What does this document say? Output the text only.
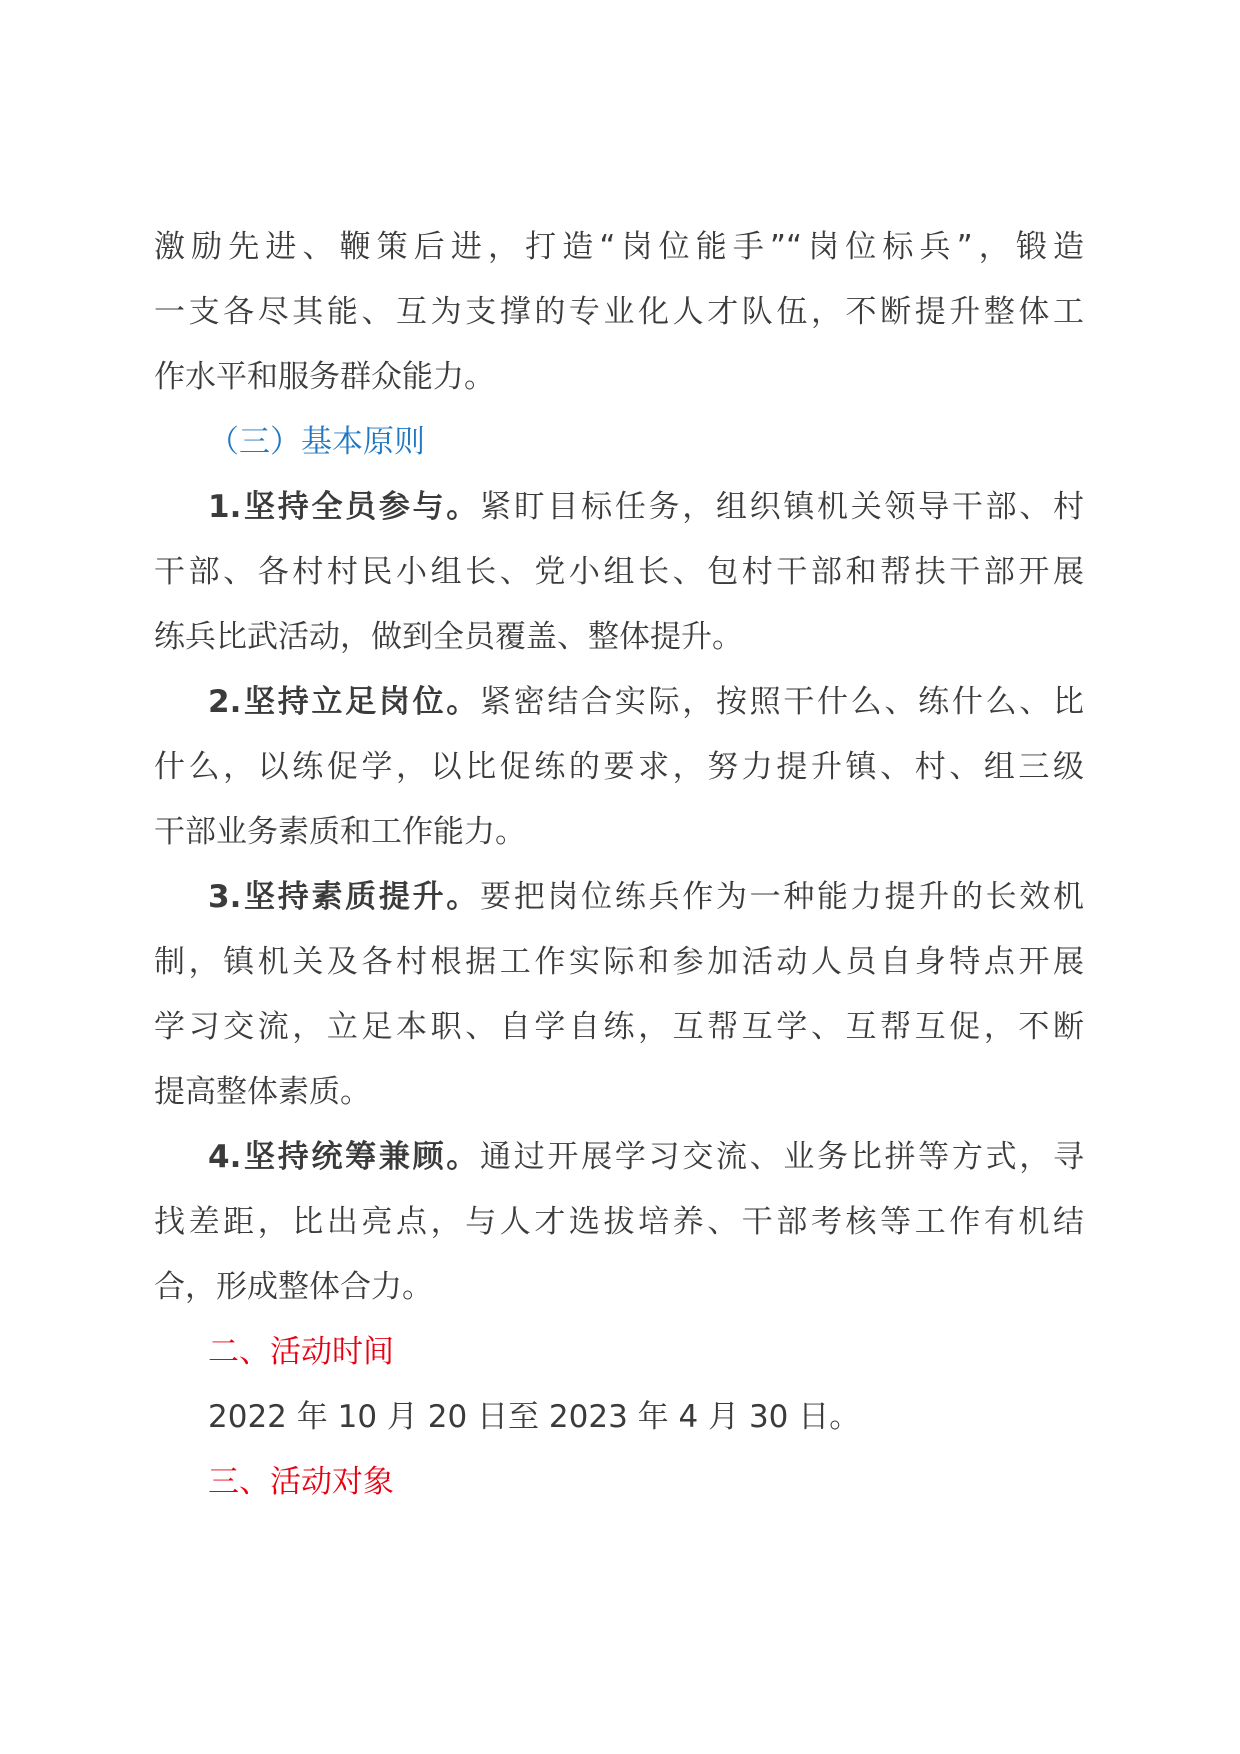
激励先进、鞭策后进，打造“岗位能手”“岗位标兵”，锻造
一支各尽其能、互为支撑的专业化人才队伍，不断提升整体工
作水平和服务群众能力。
（三）基本原则
1.坚持全员参与。紧盯目标任务，组织镇机关领导干部、村
干部、各村村民小组长、党小组长、包村干部和帮扶干部开展
练兵比武活动，做到全员覆盖、整体提升。
2.坚持立足岗位。紧密结合实际，按照干什么、练什么、比
什么，以练促学，以比促练的要求，努力提升镇、村、组三级
干部业务素质和工作能力。
3.坚持素质提升。要把岗位练兵作为一种能力提升的长效机
制，镇机关及各村根据工作实际和参加活动人员自身特点开展
学习交流，立足本职、自学自练，互帮互学、互帮互促，不断
提高整体素质。
4.坚持统筹兼顾。通过开展学习交流、业务比拼等方式，寻
找差距，比出亮点，与人才选拔培养、干部考核等工作有机结
合，形成整体合力。
二、活动时间
2022 年 10 月 20 日至 2023 年 4 月 30 日。
三、活动对象
